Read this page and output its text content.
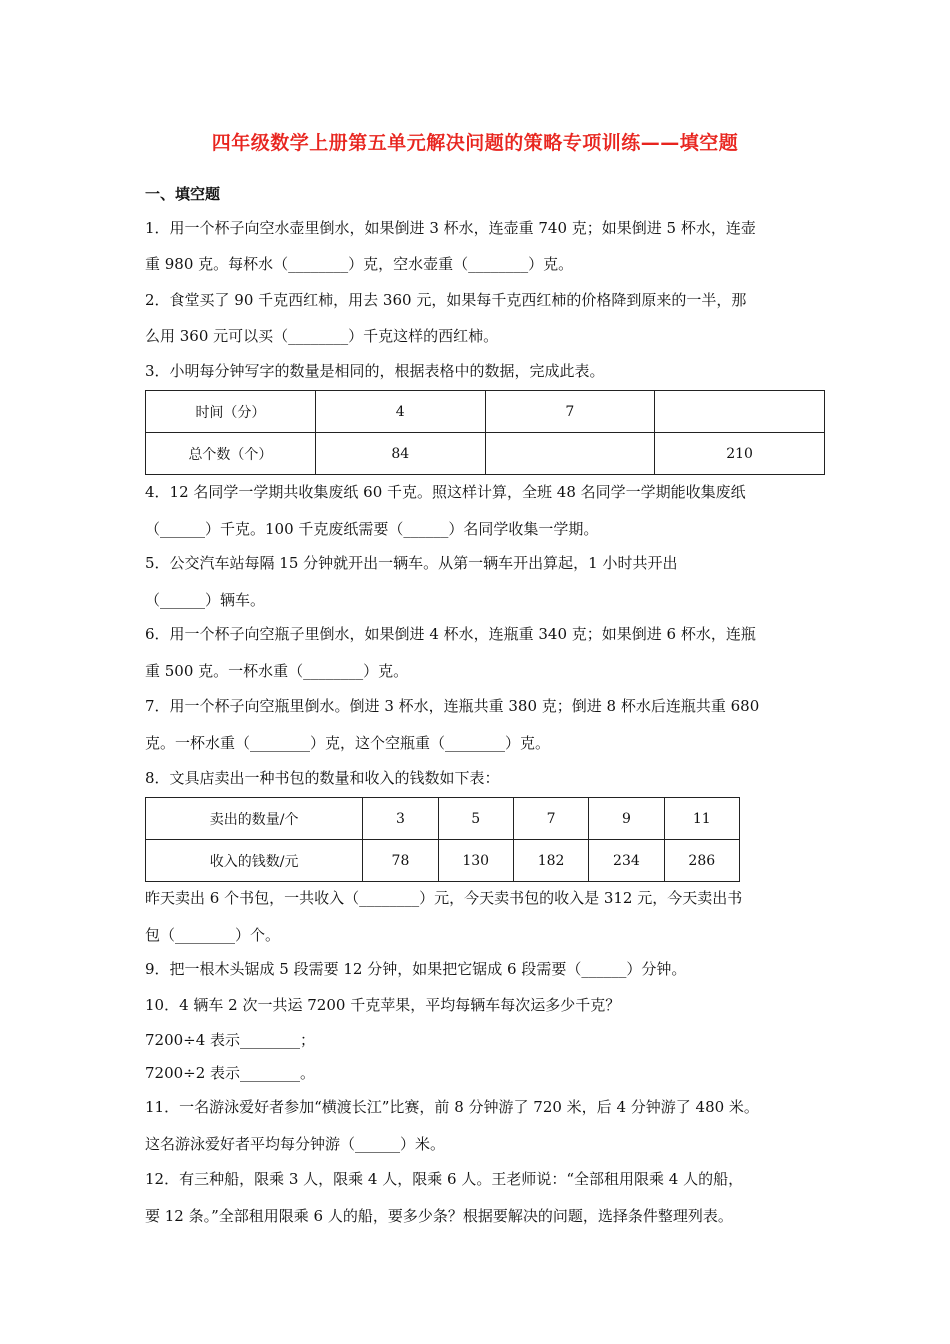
四年级数学上册第五单元解决问题的策略专项训练——填空题
一、填空题
1．用一个杯子向空水壶里倒水，如果倒进 3 杯水，连壶重 740 克；如果倒进 5 杯水，连壶
重 980 克。每杯水（________）克，空水壶重（________）克。
2．食堂买了 90 千克西红柿，用去 360 元，如果每千克西红柿的价格降到原来的一半，那
么用 360 元可以买（________）千克这样的西红柿。
3．小明每分钟写字的数量是相同的，根据表格中的数据，完成此表。
时间（分）	4	7	
总个数（个）	84		210
4．12 名同学一学期共收集废纸 60 千克。照这样计算，全班 48 名同学一学期能收集废纸
（______）千克。100 千克废纸需要（______）名同学收集一学期。
5．公交汽车站每隔 15 分钟就开出一辆车。从第一辆车开出算起，1 小时共开出
（______）辆车。
6．用一个杯子向空瓶子里倒水，如果倒进 4 杯水，连瓶重 340 克；如果倒进 6 杯水，连瓶
重 500 克。一杯水重（________）克。
7．用一个杯子向空瓶里倒水。倒进 3 杯水，连瓶共重 380 克；倒进 8 杯水后连瓶共重 680
克。一杯水重（________）克，这个空瓶重（________）克。
8．文具店卖出一种书包的数量和收入的钱数如下表：
卖出的数量/个	3	5	7	9	11
收入的钱数/元	78	130	182	234	286
昨天卖出 6 个书包，一共收入（________）元，今天卖书包的收入是 312 元，今天卖出书
包（________）个。
9．把一根木头锯成 5 段需要 12 分钟，如果把它锯成 6 段需要（______）分钟。
10．4 辆车 2 次一共运 7200 千克苹果，平均每辆车每次运多少千克？
7200÷4 表示________；
7200÷2 表示________。
11．一名游泳爱好者参加“横渡长江”比赛，前 8 分钟游了 720 米，后 4 分钟游了 480 米。
这名游泳爱好者平均每分钟游（______）米。
12．有三种船，限乘 3 人，限乘 4 人，限乘 6 人。王老师说：“全部租用限乘 4 人的船，
要 12 条。”全部租用限乘 6 人的船，要多少条？根据要解决的问题，选择条件整理列表。
